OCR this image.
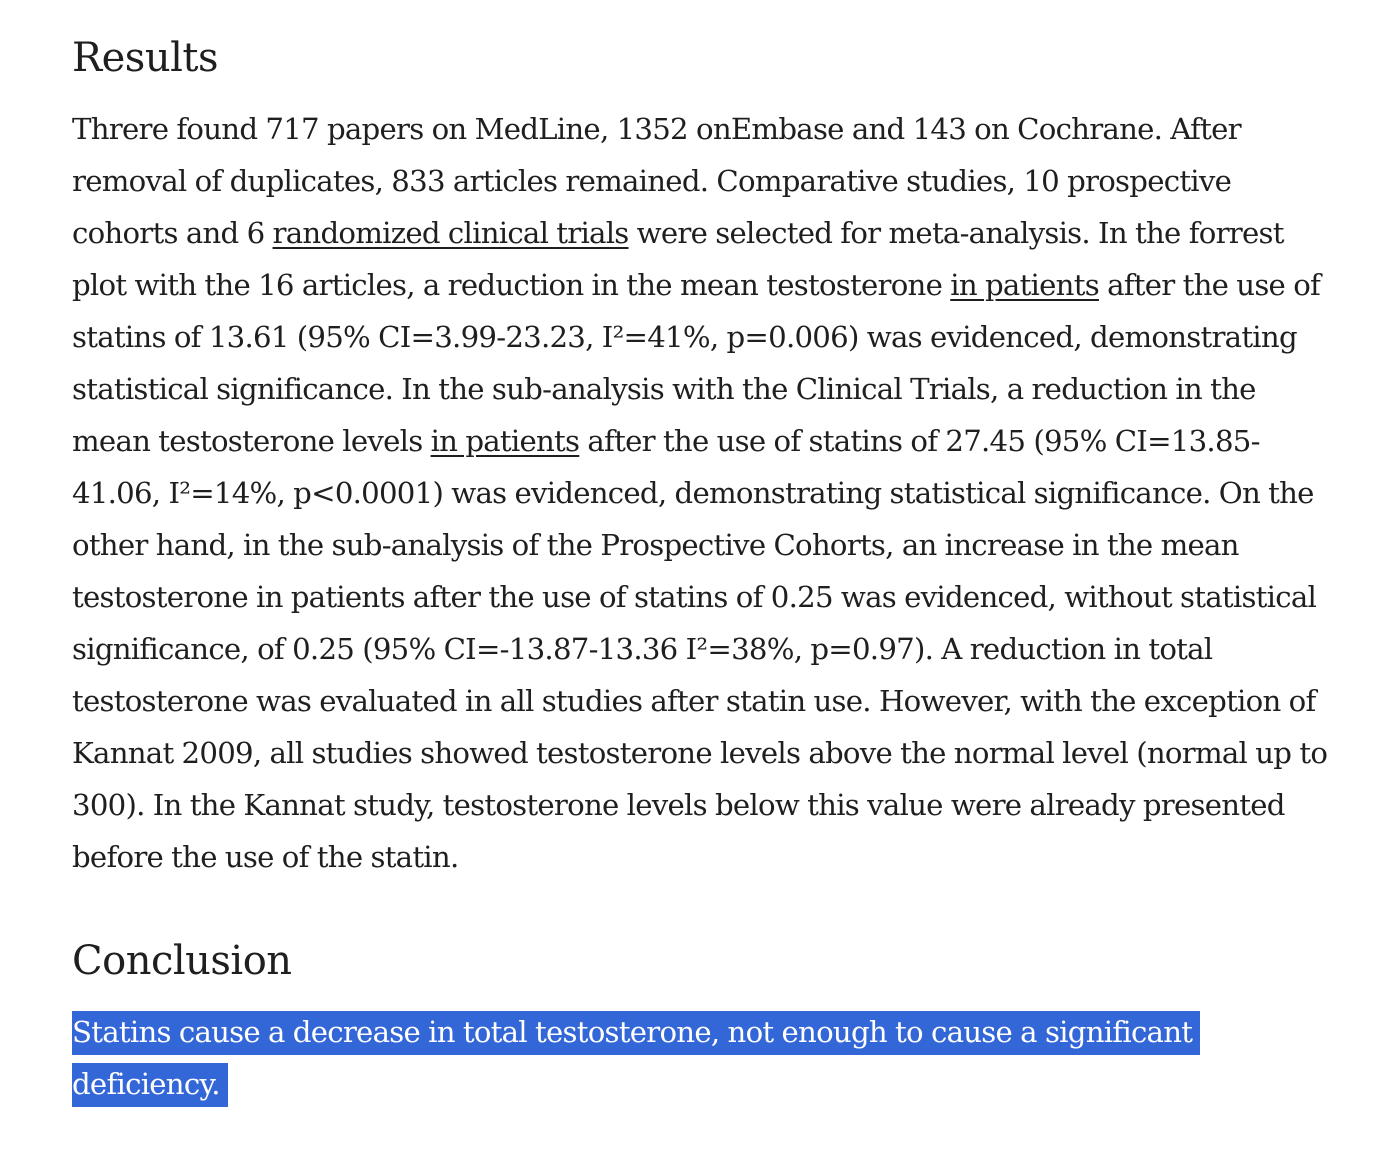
Results

Threre found 717 papers on MedLine, 1352 onEmbase and 143 on Cochrane. After removal of duplicates, 833 articles remained. Comparative studies, 10 prospective cohorts and 6 randomized clinical trials were selected for meta-analysis. In the forrest plot with the 16 articles, a reduction in the mean testosterone in patients after the use of statins of 13.61 (95% CI=3.99-23.23, I²=41%, p=0.006) was evidenced, demonstrating statistical significance. In the sub-analysis with the Clinical Trials, a reduction in the mean testosterone levels in patients after the use of statins of 27.45 (95% CI=13.85-41.06, I²=14%, p<0.0001) was evidenced, demonstrating statistical significance. On the other hand, in the sub-analysis of the Prospective Cohorts, an increase in the mean testosterone in patients after the use of statins of 0.25 was evidenced, without statistical significance, of 0.25 (95% CI=-13.87-13.36 I²=38%, p=0.97). A reduction in total testosterone was evaluated in all studies after statin use. However, with the exception of Kannat 2009, all studies showed testosterone levels above the normal level (normal up to 300). In the Kannat study, testosterone levels below this value were already presented before the use of the statin.

Conclusion

Statins cause a decrease in total testosterone, not enough to cause a significant deficiency.
